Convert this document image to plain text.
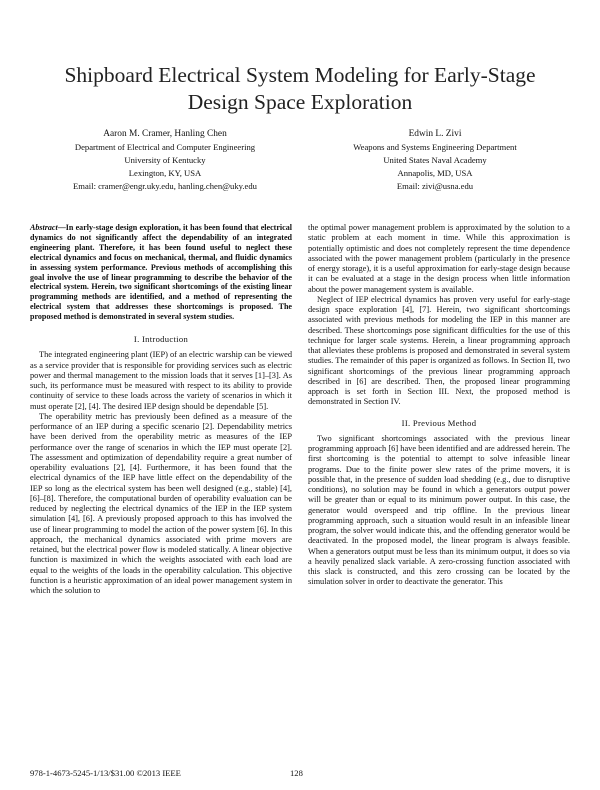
Shipboard Electrical System Modeling for Early-Stage Design Space Exploration
Aaron M. Cramer, Hanling Chen
Department of Electrical and Computer Engineering
University of Kentucky
Lexington, KY, USA
Email: cramer@engr.uky.edu, hanling.chen@uky.edu
Edwin L. Zivi
Weapons and Systems Engineering Department
United States Naval Academy
Annapolis, MD, USA
Email: zivi@usna.edu

Abstract—In early-stage design exploration, it has been found that electrical dynamics do not significantly affect the dependability of an integrated engineering plant. Therefore, it has been found useful to neglect these electrical dynamics and focus on mechanical, thermal, and fluidic dynamics in assessing system performance. Previous methods of accomplishing this goal involve the use of linear programming to describe the behavior of the electrical system. Herein, two significant shortcomings of the existing linear programming methods are identified, and a method of representing the electrical system that addresses these shortcomings is proposed. The proposed method is demonstrated in several system studies.

I. Introduction

The integrated engineering plant (IEP) of an electric warship can be viewed as a service provider that is responsible for providing services such as electric power and thermal management to the mission loads that it serves [1]–[3]. As such, its performance must be measured with respect to its ability to provide continuity of service to these loads across the variety of scenarios in which it must operate [2], [4]. The desired IEP design should be dependable [5].

The operability metric has previously been defined as a measure of the performance of an IEP during a specific scenario [2]. Dependability metrics have been derived from the operability metric as measures of the IEP performance over the range of scenarios in which the IEP must operate [2]. The assessment and optimization of dependability require a great number of operability evaluations [2], [4]. Furthermore, it has been found that the electrical dynamics of the IEP have little effect on the dependability of the IEP so long as the electrical system has been well designed (e.g., stable) [4], [6]–[8]. Therefore, the computational burden of operability evaluation can be reduced by neglecting the electrical dynamics of the IEP in the IEP system simulation [4], [6]. A previously proposed approach to this has involved the use of linear programming to model the action of the power system [6]. In this approach, the mechanical dynamics associated with prime movers are retained, but the electrical power flow is modeled statically. A linear objective function is maximized in which the weights associated with each load are equal to the weights of the loads in the operability calculation. This objective function is a heuristic approximation of an ideal power management system in which the solution to

the optimal power management problem is approximated by the solution to a static problem at each moment in time. While this approximation is potentially optimistic and does not completely represent the time dependence associated with the power management problem (particularly in the presence of energy storage), it is a useful approximation for early-stage design because it can be evaluated at a stage in the design process when little information about the power management system is available.

Neglect of IEP electrical dynamics has proven very useful for early-stage design space exploration [4], [7]. Herein, two significant shortcomings associated with previous methods for modeling the IEP in this manner are described. These shortcomings pose significant difficulties for the use of this technique for larger scale systems. Herein, a linear programming approach that alleviates these problems is proposed and demonstrated in several system studies. The remainder of this paper is organized as follows. In Section II, two significant shortcomings of the previous linear programming approach described in [6] are described. Then, the proposed linear programming approach is set forth in Section III. Next, the proposed method is demonstrated in Section IV.

II. Previous Method

Two significant shortcomings associated with the previous linear programming approach [6] have been identified and are addressed herein. The first shortcoming is the potential to attempt to solve infeasible linear programs. Due to the finite power slew rates of the prime movers, it is possible that, in the presence of sudden load shedding (e.g., due to disruptive conditions), no solution may be found in which a generators output power will be greater than or equal to its minimum power output. In this case, the generator would overspeed and trip offline. In the previous linear programming approach, such a situation would result in an infeasible linear program, the solver would indicate this, and the offending generator would be deactivated. In the proposed model, the linear program is always feasible. When a generators output must be less than its minimum output, it does so via a heavily penalized slack variable. A zero-crossing function associated with this slack is constructed, and this zero crossing can be located by the simulation solver in order to deactivate the generator. This

978-1-4673-5245-1/13/$31.00 ©2013 IEEE	128
